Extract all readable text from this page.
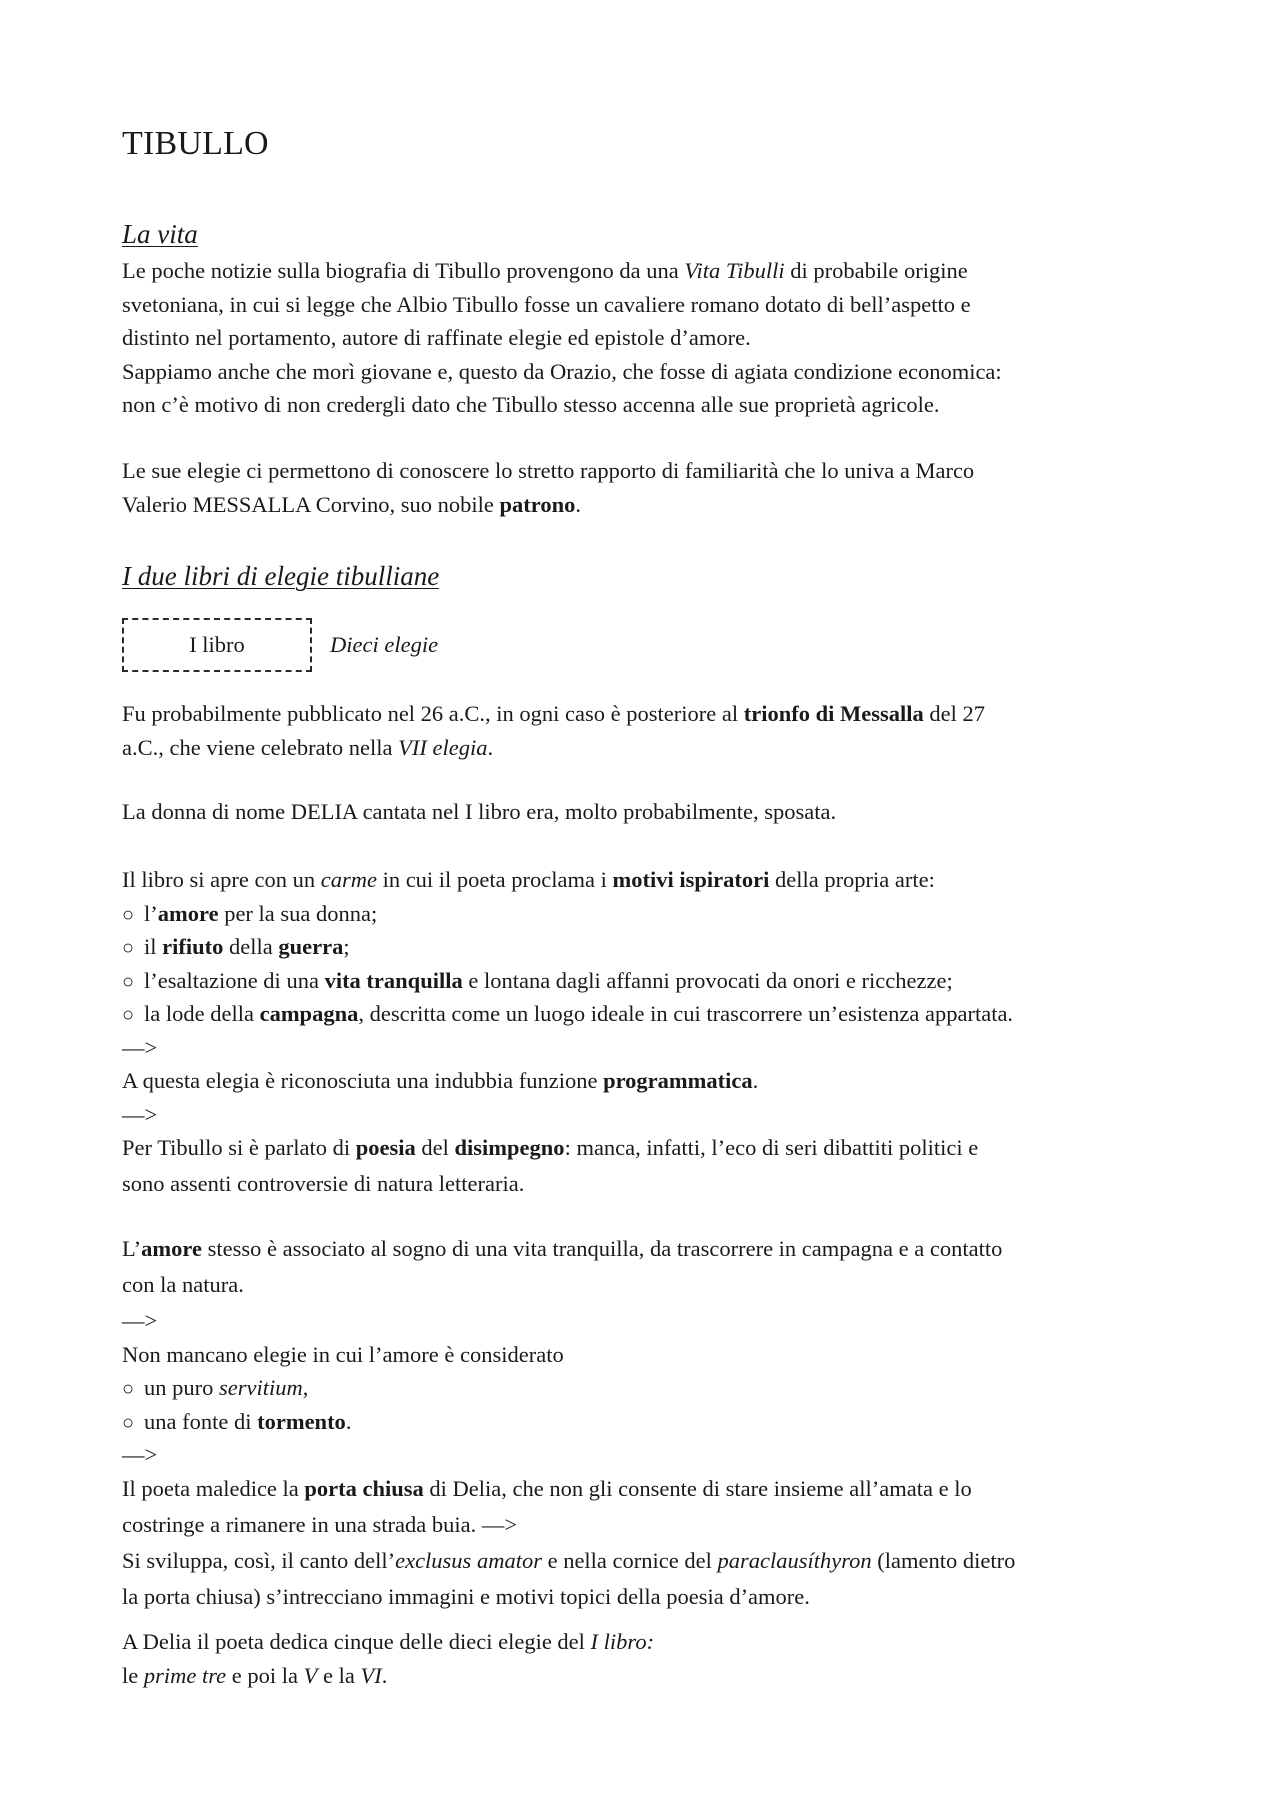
TIBULLO
La vita
Le poche notizie sulla biografia di Tibullo provengono da una Vita Tibulli di probabile origine
svetoniana, in cui si legge che Albio Tibullo fosse un cavaliere romano dotato di bell’aspetto e
distinto nel portamento, autore di raffinate elegie ed epistole d’amore.
Sappiamo anche che morì giovane e, questo da Orazio, che fosse di agiata condizione economica:
non c’è motivo di non credergli dato che Tibullo stesso accenna alle sue proprietà agricole.
Le sue elegie ci permettono di conoscere lo stretto rapporto di familiarità che lo univa a Marco
Valerio MESSALLA Corvino, suo nobile patrono.
I due libri di elegie tibulliane
I libro	Dieci elegie
Fu probabilmente pubblicato nel 26 a.C., in ogni caso è posteriore al trionfo di Messalla del 27
a.C., che viene celebrato nella VII elegia.
La donna di nome DELIA cantata nel I libro era, molto probabilmente, sposata.
Il libro si apre con un carme in cui il poeta proclama i motivi ispiratori della propria arte:
○ l’amore per la sua donna;
○ il rifiuto della guerra;
○ l’esaltazione di una vita tranquilla e lontana dagli affanni provocati da onori e ricchezze;
○ la lode della campagna, descritta come un luogo ideale in cui trascorrere un’esistenza appartata.
—>
A questa elegia è riconosciuta una indubbia funzione programmatica.
—>
Per Tibullo si è parlato di poesia del disimpegno: manca, infatti, l’eco di seri dibattiti politici e
sono assenti controversie di natura letteraria.
L’amore stesso è associato al sogno di una vita tranquilla, da trascorrere in campagna e a contatto
con la natura.
—>
Non mancano elegie in cui l’amore è considerato
○ un puro servitium,
○ una fonte di tormento.
—>
Il poeta maledice la porta chiusa di Delia, che non gli consente di stare insieme all’amata e lo
costringe a rimanere in una strada buia. —>
Si sviluppa, così, il canto dell’exclusus amator e nella cornice del paraclausíthyron (lamento dietro
la porta chiusa) s’intrecciano immagini e motivi topici della poesia d’amore.
A Delia il poeta dedica cinque delle dieci elegie del I libro:
le prime tre e poi la V e la VI.
